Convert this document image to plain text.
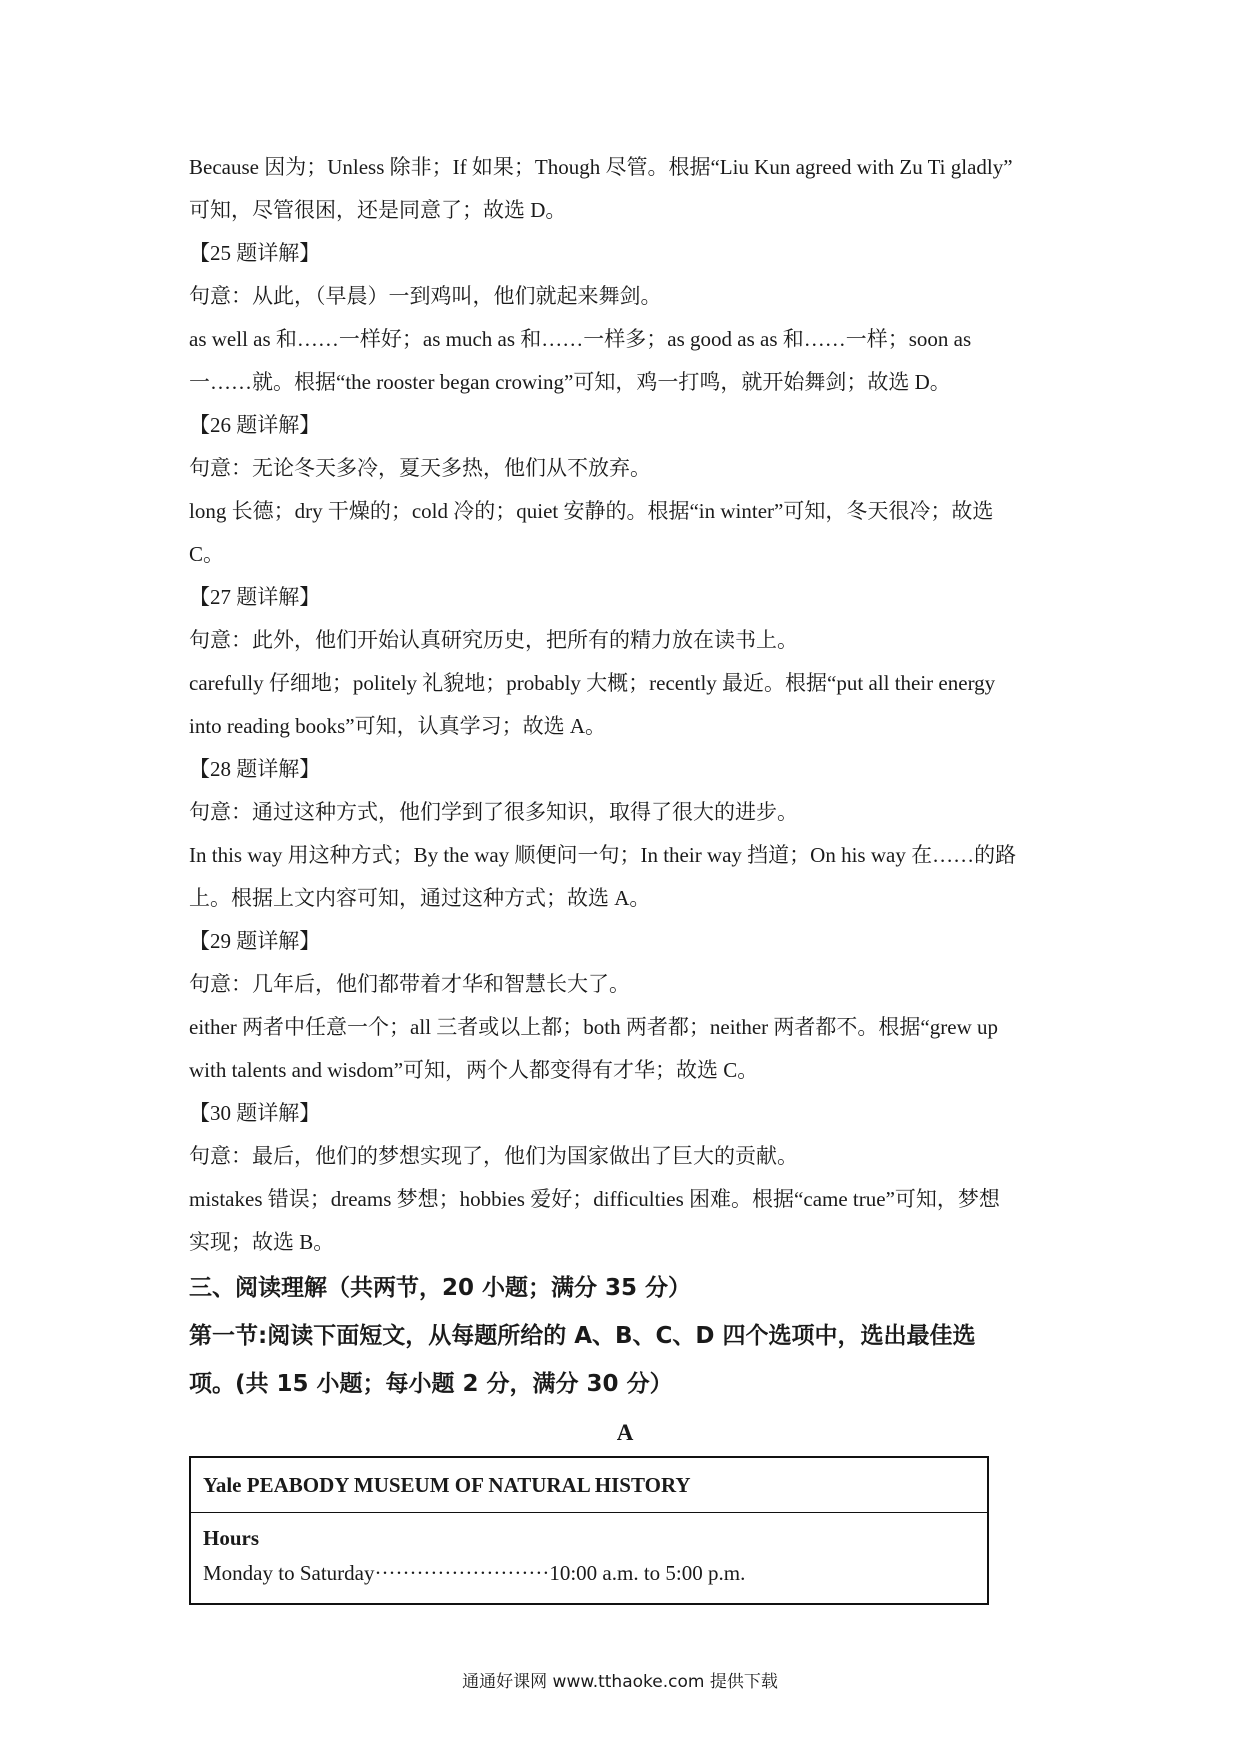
Because 因为；Unless 除非；If 如果；Though 尽管。根据“Liu Kun agreed with Zu Ti gladly”
可知，尽管很困，还是同意了；故选 D。
【25 题详解】
句意：从此，（早晨）一到鸡叫，他们就起来舞剑。
as well as 和……一样好；as much as 和……一样多；as good as as 和……一样；soon as
一……就。根据“the rooster began crowing”可知，鸡一打鸣，就开始舞剑；故选 D。
【26 题详解】
句意：无论冬天多冷，夏天多热，他们从不放弃。
long 长德；dry 干燥的；cold 冷的；quiet 安静的。根据“in winter”可知，冬天很冷；故选
C。
【27 题详解】
句意：此外，他们开始认真研究历史，把所有的精力放在读书上。
carefully 仔细地；politely 礼貌地；probably 大概；recently 最近。根据“put all their energy
into reading books”可知，认真学习；故选 A。
【28 题详解】
句意：通过这种方式，他们学到了很多知识，取得了很大的进步。
In this way 用这种方式；By the way 顺便问一句；In their way 挡道；On his way 在……的路
上。根据上文内容可知，通过这种方式；故选 A。
【29 题详解】
句意：几年后，他们都带着才华和智慧长大了。
either 两者中任意一个；all 三者或以上都；both 两者都；neither 两者都不。根据“grew up
with talents and wisdom”可知，两个人都变得有才华；故选 C。
【30 题详解】
句意：最后，他们的梦想实现了，他们为国家做出了巨大的贡献。
mistakes 错误；dreams 梦想；hobbies 爱好；difficulties 困难。根据“came true”可知，梦想
实现；故选 B。
三、阅读理解（共两节，20 小题；满分 35 分）
第一节:阅读下面短文，从每题所给的 A、B、C、D 四个选项中，选出最佳选
项。(共 15 小题；每小题 2 分，满分 30 分）
A
Yale PEABODY MUSEUM OF NATURAL HISTORY
Hours
Monday to Saturday·························10:00 a.m. to 5:00 p.m.
通通好课网 www.tthaoke.com 提供下载
